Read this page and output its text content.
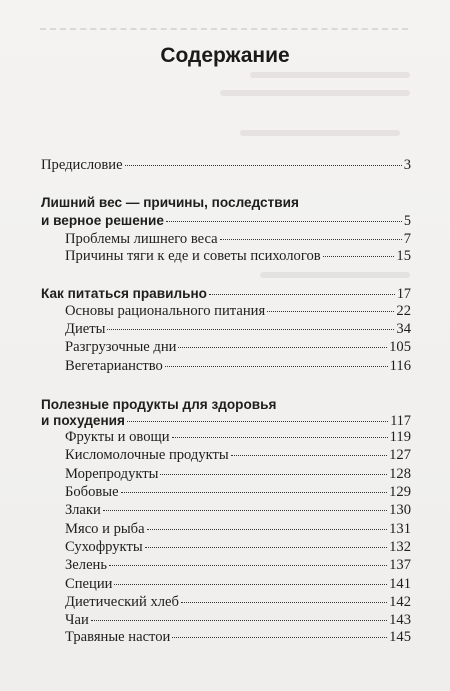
Содержание
Предисловие	3
Лишний вес — причины, последствия
и верное решение	5
Проблемы лишнего веса	7
Причины тяги к еде и советы психологов	15
Как питаться правильно	17
Основы рационального питания	22
Диеты	34
Разгрузочные дни	105
Вегетарианство	116
Полезные продукты для здоровья
и похудения	117
Фрукты и овощи	119
Кисломолочные продукты	127
Морепродукты	128
Бобовые	129
Злаки	130
Мясо и рыба	131
Сухофрукты	132
Зелень	137
Специи	141
Диетический хлеб	142
Чаи	143
Травяные настои	145
